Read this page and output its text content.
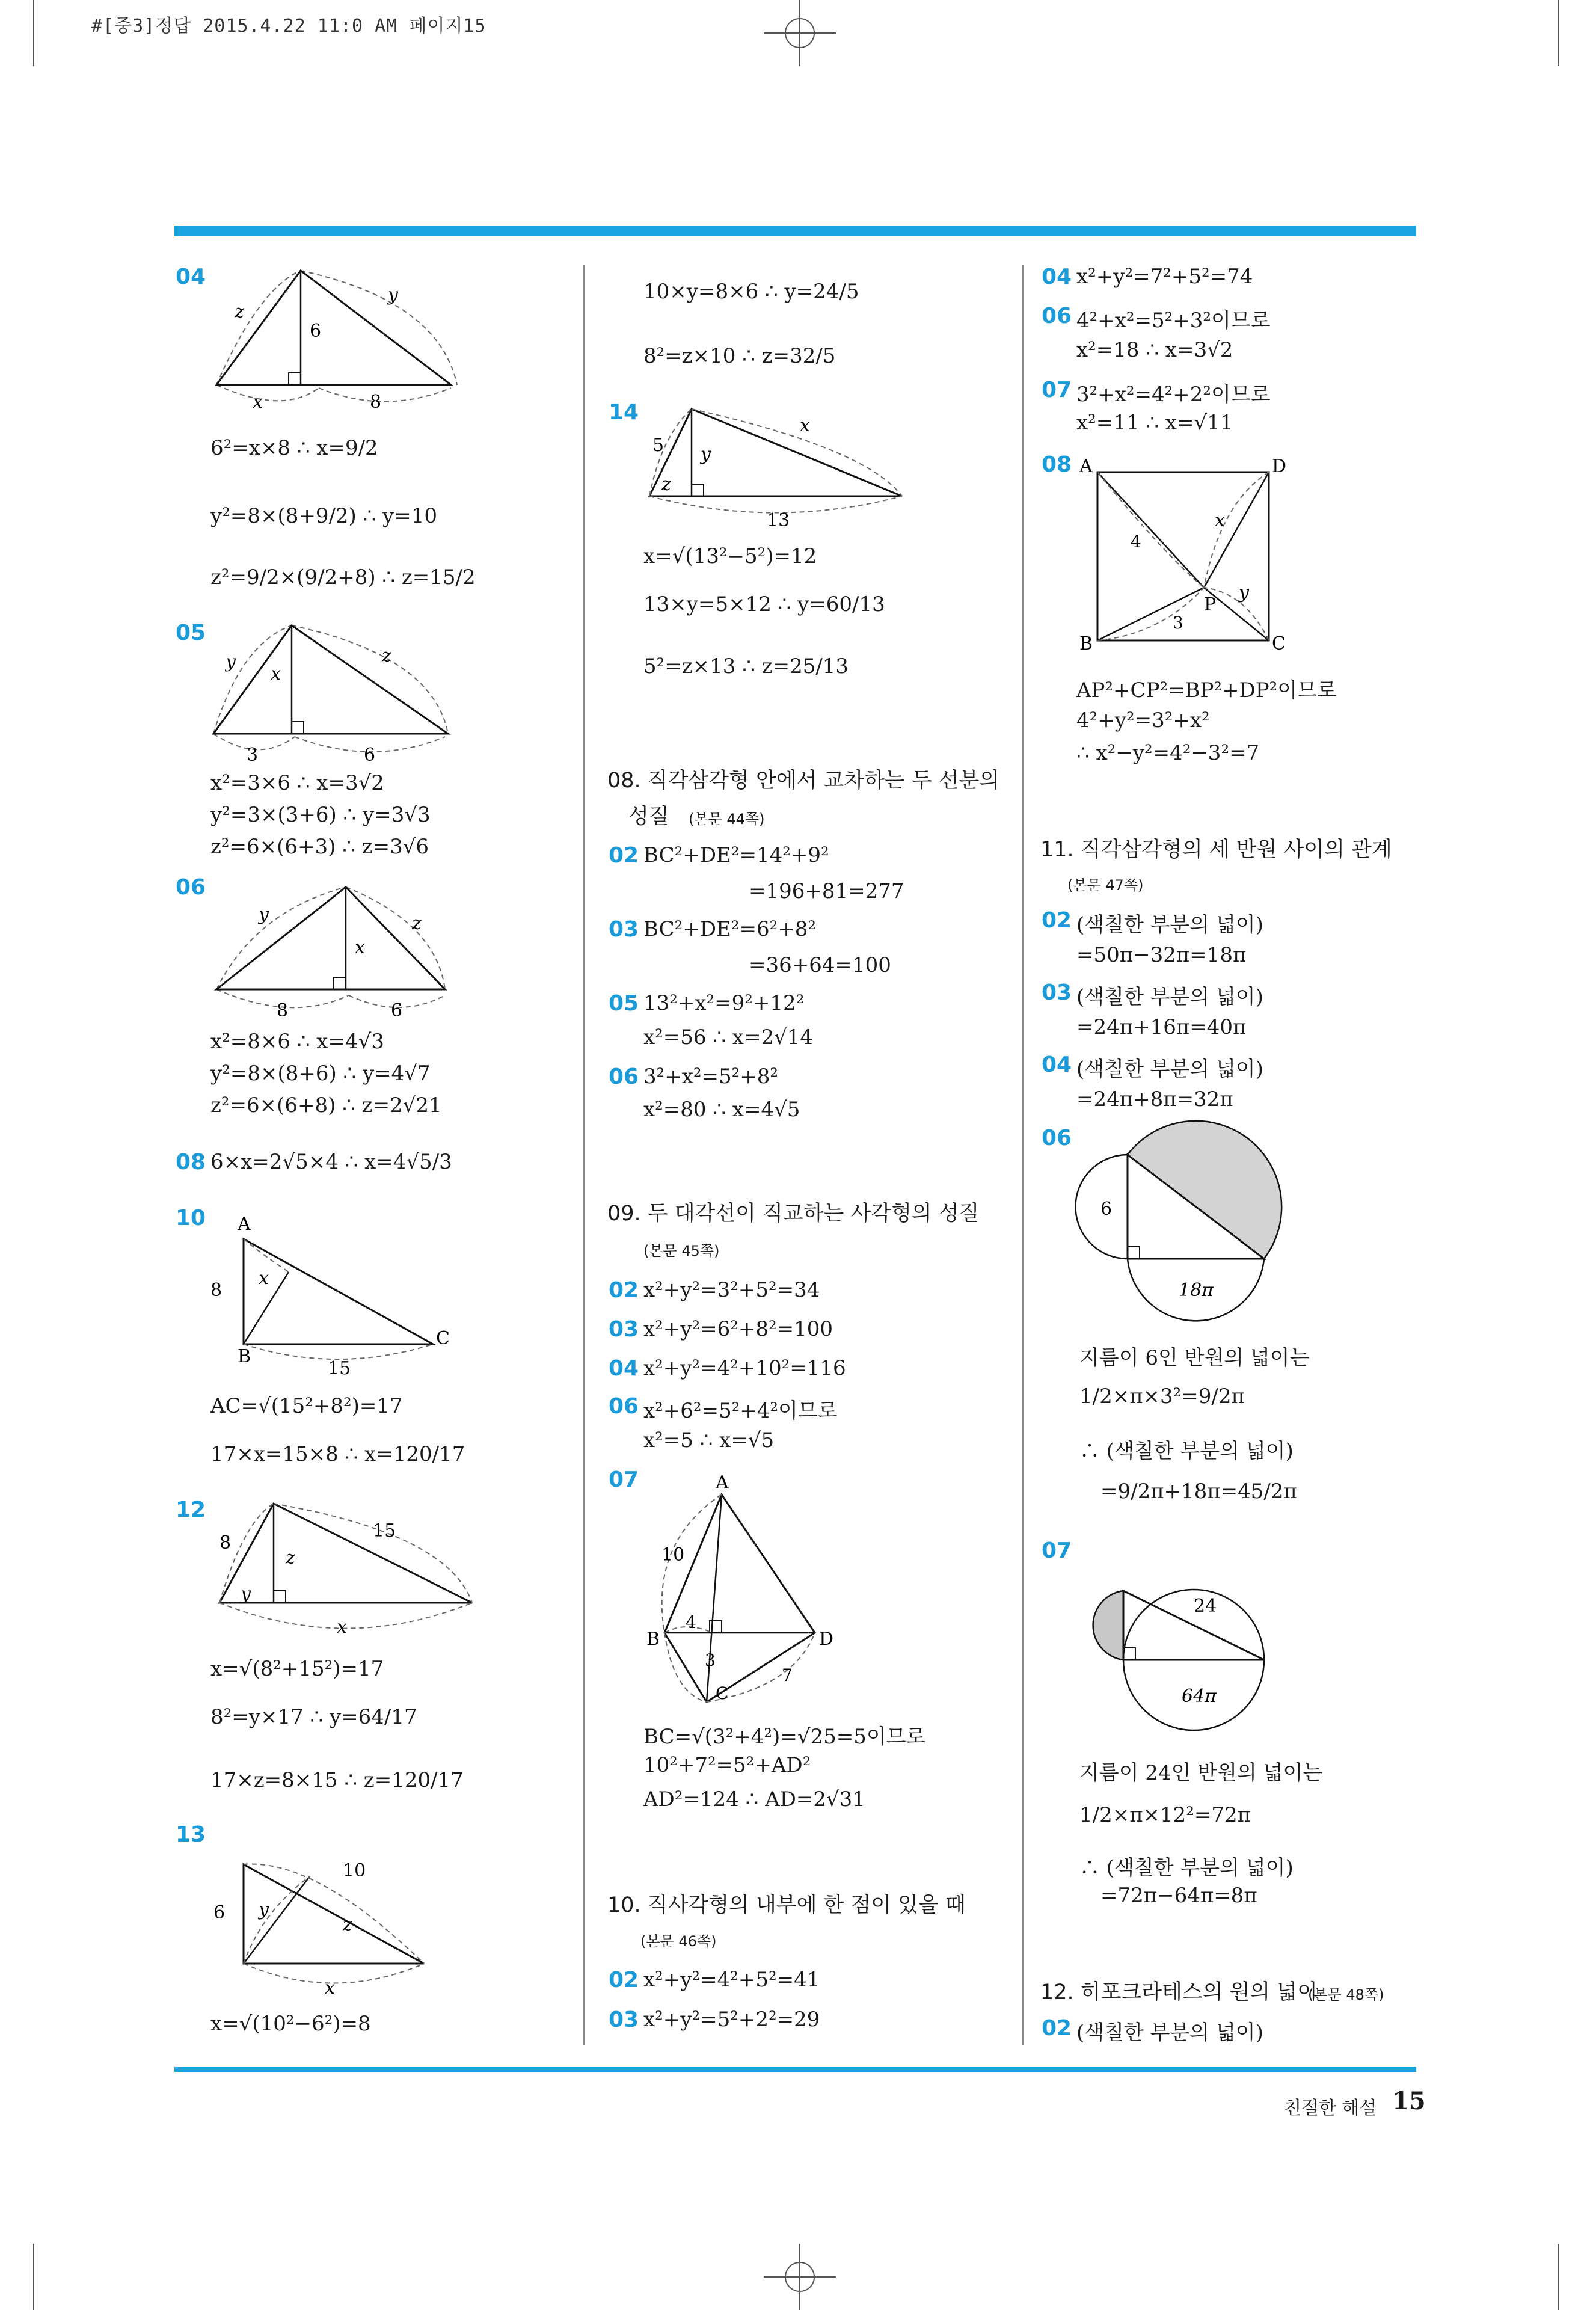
#[중3]정답 2015.4.22 11:0 AM 페이지15
04
z
y
6
x	8
6²=x×8 ∴ x=9/2
y²=8×(8+9/2) ∴ y=10
z²=9/2×(9/2+8) ∴ z=15/2
05
y
x
z
3	6
x²=3×6 ∴ x=3√2
y²=3×(3+6) ∴ y=3√3
z²=6×(6+3) ∴ z=3√6
06
y	z
x
8	6
x²=8×6 ∴ x=4√3
y²=8×(8+6) ∴ y=4√7
z²=6×(6+8) ∴ z=2√21
08 6×x=2√5×4 ∴ x=4√5/3
10 A
x
8
B
15
C
AC=√(15²+8²)=17
17×x=15×8 ∴ x=120/17
12
8
15
z
y
x
x=√(8²+15²)=17
8²=y×17 ∴ y=64/17
17×z=8×15 ∴ z=120/17
13
6
10
y
z
x
x=√(10²−6²)=8
10×y=8×6 ∴ y=24/5
8²=z×10 ∴ z=32/5
14
5
x
y
z
13
x=√(13²−5²)=12
13×y=5×12 ∴ y=60/13
5²=z×13 ∴ z=25/13
08. 직각삼각형 안에서 교차하는 두 선분의
성질 (본문 44쪽)
02 BC²+DE²=14²+9²
=196+81=277
03 BC²+DE²=6²+8²
=36+64=100
05 13²+x²=9²+12²
x²=56 ∴ x=2√14
06 3²+x²=5²+8²
x²=80 ∴ x=4√5
09. 두 대각선이 직교하는 사각형의 성질
(본문 45쪽)
02 x²+y²=3²+5²=34
03 x²+y²=6²+8²=100
04 x²+y²=4²+10²=116
06 x²+6²=5²+4²이므로
x²=5 ∴ x=√5
07	A
10
B
4
D
3
7
C
BC=√(3²+4²)=√25=5이므로
10²+7²=5²+AD²
AD²=124 ∴ AD=2√31
10. 직사각형의 내부에 한 점이 있을 때
(본문 46쪽)
02 x²+y²=4²+5²=41
03 x²+y²=5²+2²=29
04 x²+y²=7²+5²=74
06 4²+x²=5²+3²이므로
x²=18 ∴ x=3√2
07 3²+x²=4²+2²이므로
x²=11 ∴ x=√11
08 A	D
x
4
P
y
3
B	C
AP²+CP²=BP²+DP²이므로
4²+y²=3²+x²
∴ x²−y²=4²−3²=7
11. 직각삼각형의 세 반원 사이의 관계
(본문 47쪽)
02 (색칠한 부분의 넓이)
=50π−32π=18π
03 (색칠한 부분의 넓이)
=24π+16π=40π
04 (색칠한 부분의 넓이)
=24π+8π=32π
06
6
18π
지름이 6인 반원의 넓이는
1/2×π×3²=9/2π
∴ (색칠한 부분의 넓이)
=9/2π+18π=45/2π
07
24
64π
지름이 24인 반원의 넓이는
1/2×π×12²=72π
∴ (색칠한 부분의 넓이)
=72π−64π=8π
12. 히포크라테스의 원의 넓이
(본문 48쪽)
02 (색칠한 부분의 넓이)
친절한 해설 15
